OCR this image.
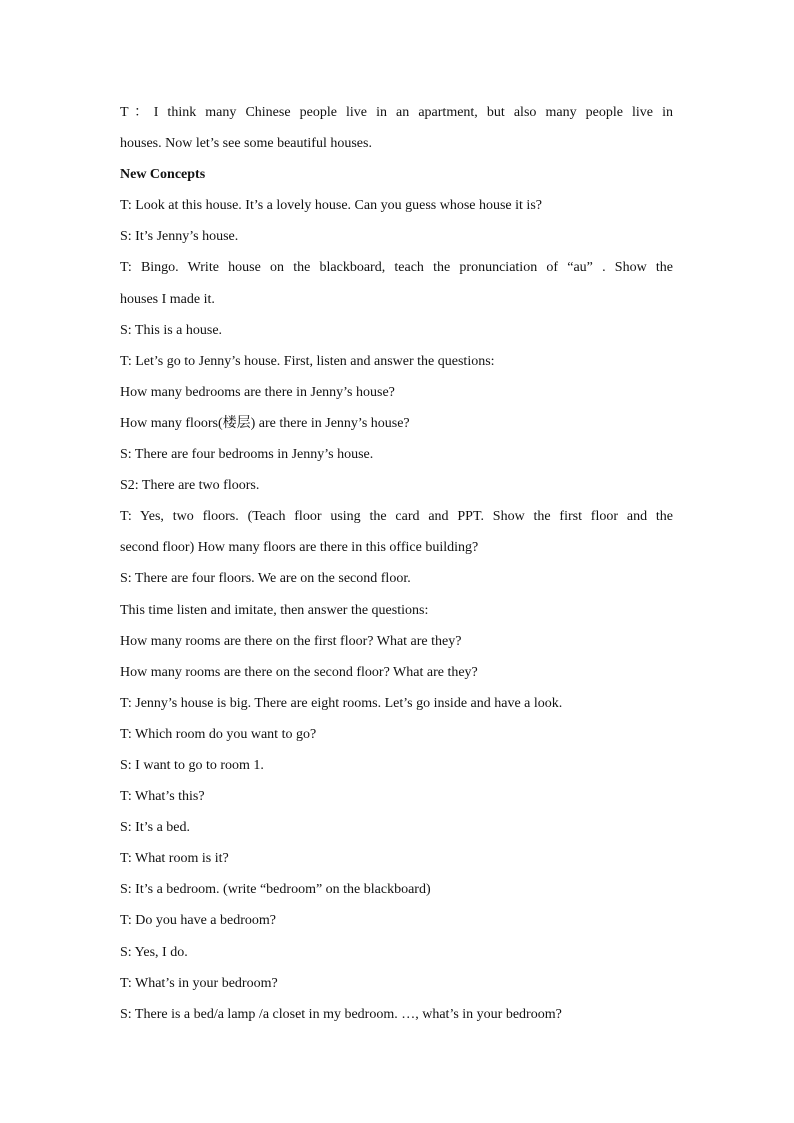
T：I think many Chinese people live in an apartment, but also many people live in
houses. Now let’s see some beautiful houses.
New Concepts
T: Look at this house. It’s a lovely house. Can you guess whose house it is?
S: It’s Jenny’s house.
T: Bingo. Write house on the blackboard, teach the pronunciation of “au” . Show the
houses I made it.
S: This is a house.
T: Let’s go to Jenny’s house. First, listen and answer the questions:
How many bedrooms are there in Jenny’s house?
How many floors(楼层) are there in Jenny’s house?
S: There are four bedrooms in Jenny’s house.
S2: There are two floors.
T: Yes, two floors. (Teach floor using the card and PPT. Show the first floor and the
second floor) How many floors are there in this office building?
S: There are four floors. We are on the second floor.
This time listen and imitate, then answer the questions:
How many rooms are there on the first floor? What are they?
How many rooms are there on the second floor? What are they?
T: Jenny’s house is big. There are eight rooms. Let’s go inside and have a look.
T: Which room do you want to go?
S: I want to go to room 1.
T: What’s this?
S: It’s a bed.
T: What room is it?
S: It’s a bedroom. (write “bedroom” on the blackboard)
T: Do you have a bedroom?
S: Yes, I do.
T: What’s in your bedroom?
S: There is a bed/a lamp /a closet in my bedroom. …, what’s in your bedroom?
